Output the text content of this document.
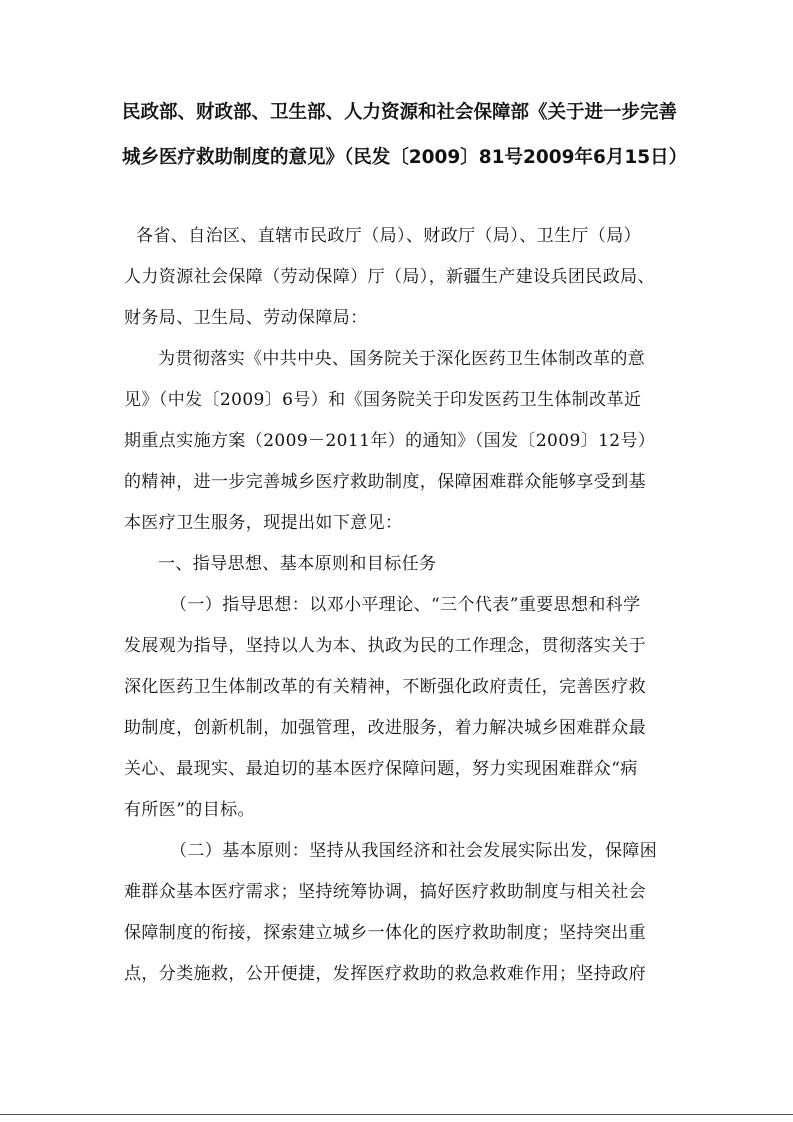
民政部、财政部、卫生部、人力资源和社会保障部《关于进一步完善
城乡医疗救助制度的意见》（民发〔2009〕81号2009年6月15日）
各省、自治区、直辖市民政厅（局）、财政厅（局）、卫生厅（局）
人力资源社会保障（劳动保障）厅（局），新疆生产建设兵团民政局、
财务局、卫生局、劳动保障局：
为贯彻落实《中共中央、国务院关于深化医药卫生体制改革的意
见》（中发〔2009〕6号）和《国务院关于印发医药卫生体制改革近
期重点实施方案（2009－2011年）的通知》（国发〔2009〕12号）
的精神，进一步完善城乡医疗救助制度，保障困难群众能够享受到基
本医疗卫生服务，现提出如下意见：
一、指导思想、基本原则和目标任务
（一）指导思想：以邓小平理论、“三个代表”重要思想和科学
发展观为指导，坚持以人为本、执政为民的工作理念，贯彻落实关于
深化医药卫生体制改革的有关精神，不断强化政府责任，完善医疗救
助制度，创新机制，加强管理，改进服务，着力解决城乡困难群众最
关心、最现实、最迫切的基本医疗保障问题，努力实现困难群众“病
有所医”的目标。
（二）基本原则：坚持从我国经济和社会发展实际出发，保障困
难群众基本医疗需求；坚持统筹协调，搞好医疗救助制度与相关社会
保障制度的衔接，探索建立城乡一体化的医疗救助制度；坚持突出重
点，分类施救，公开便捷，发挥医疗救助的救急救难作用；坚持政府
